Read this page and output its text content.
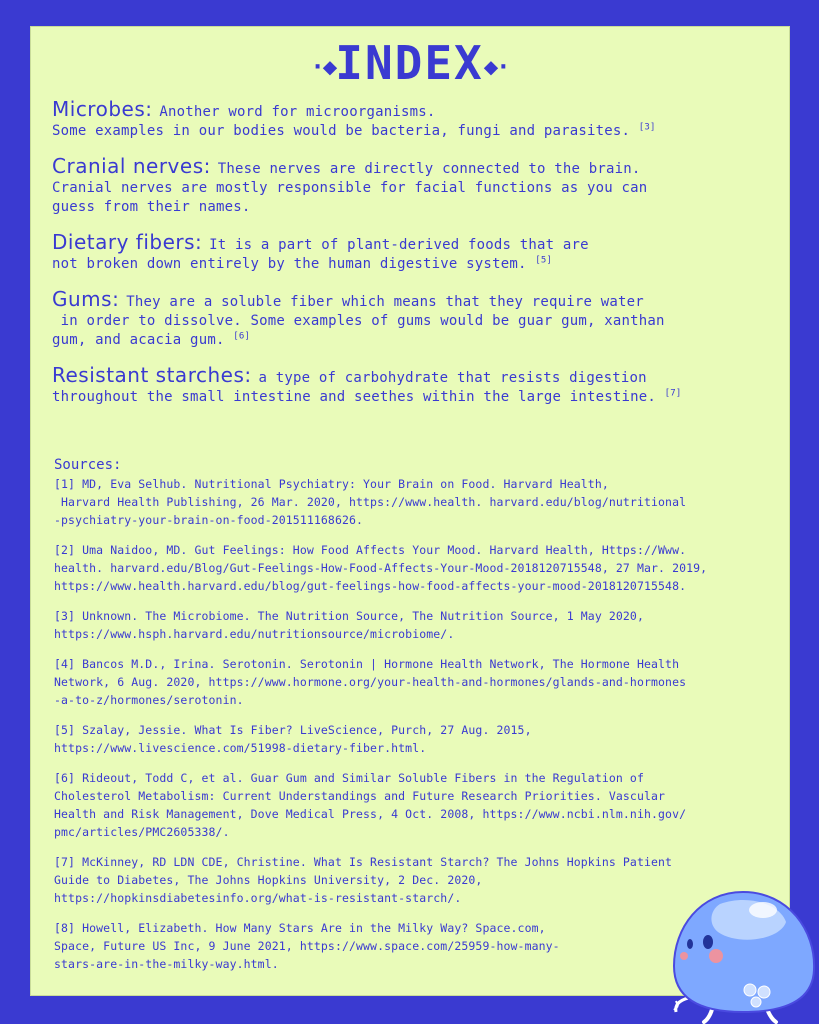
·◆INDEX◆·
Microbes: Another word for microorganisms.
Some examples in our bodies would be bacteria, fungi and parasites. [3]
Cranial nerves: These nerves are directly connected to the brain.
Cranial nerves are mostly responsible for facial functions as you can
guess from their names.
Dietary fibers: It is a part of plant-derived foods that are
not broken down entirely by the human digestive system. [5]
Gums: They are a soluble fiber which means that they require water
in order to dissolve. Some examples of gums would be guar gum, xanthan
gum, and acacia gum. [6]
Resistant starches: a type of carbohydrate that resists digestion
throughout the small intestine and seethes within the large intestine. [7]
Sources:
[1] MD, Eva Selhub. Nutritional Psychiatry: Your Brain on Food. Harvard Health,
Harvard Health Publishing, 26 Mar. 2020, https://www.health. harvard.edu/blog/nutritional
-psychiatry-your-brain-on-food-201511168626.
[2] Uma Naidoo, MD. Gut Feelings: How Food Affects Your Mood. Harvard Health, Https://Www.
health. harvard.edu/Blog/Gut-Feelings-How-Food-Affects-Your-Mood-2018120715548, 27 Mar. 2019,
https://www.health.harvard.edu/blog/gut-feelings-how-food-affects-your-mood-2018120715548.
[3] Unknown. The Microbiome. The Nutrition Source, The Nutrition Source, 1 May 2020,
https://www.hsph.harvard.edu/nutritionsource/microbiome/.
[4] Bancos M.D., Irina. Serotonin. Serotonin | Hormone Health Network, The Hormone Health
Network, 6 Aug. 2020, https://www.hormone.org/your-health-and-hormones/glands-and-hormones
-a-to-z/hormones/serotonin.
[5] Szalay, Jessie. What Is Fiber? LiveScience, Purch, 27 Aug. 2015,
https://www.livescience.com/51998-dietary-fiber.html.
[6] Rideout, Todd C, et al. Guar Gum and Similar Soluble Fibers in the Regulation of
Cholesterol Metabolism: Current Understandings and Future Research Priorities. Vascular
Health and Risk Management, Dove Medical Press, 4 Oct. 2008, https://www.ncbi.nlm.nih.gov/
pmc/articles/PMC2605338/.
[7] McKinney, RD LDN CDE, Christine. What Is Resistant Starch? The Johns Hopkins Patient
Guide to Diabetes, The Johns Hopkins University, 2 Dec. 2020,
https://hopkinsdiabetesinfo.org/what-is-resistant-starch/.
[8] Howell, Elizabeth. How Many Stars Are in the Milky Way? Space.com,
Space, Future US Inc, 9 June 2021, https://www.space.com/25959-how-many-
stars-are-in-the-milky-way.html.
